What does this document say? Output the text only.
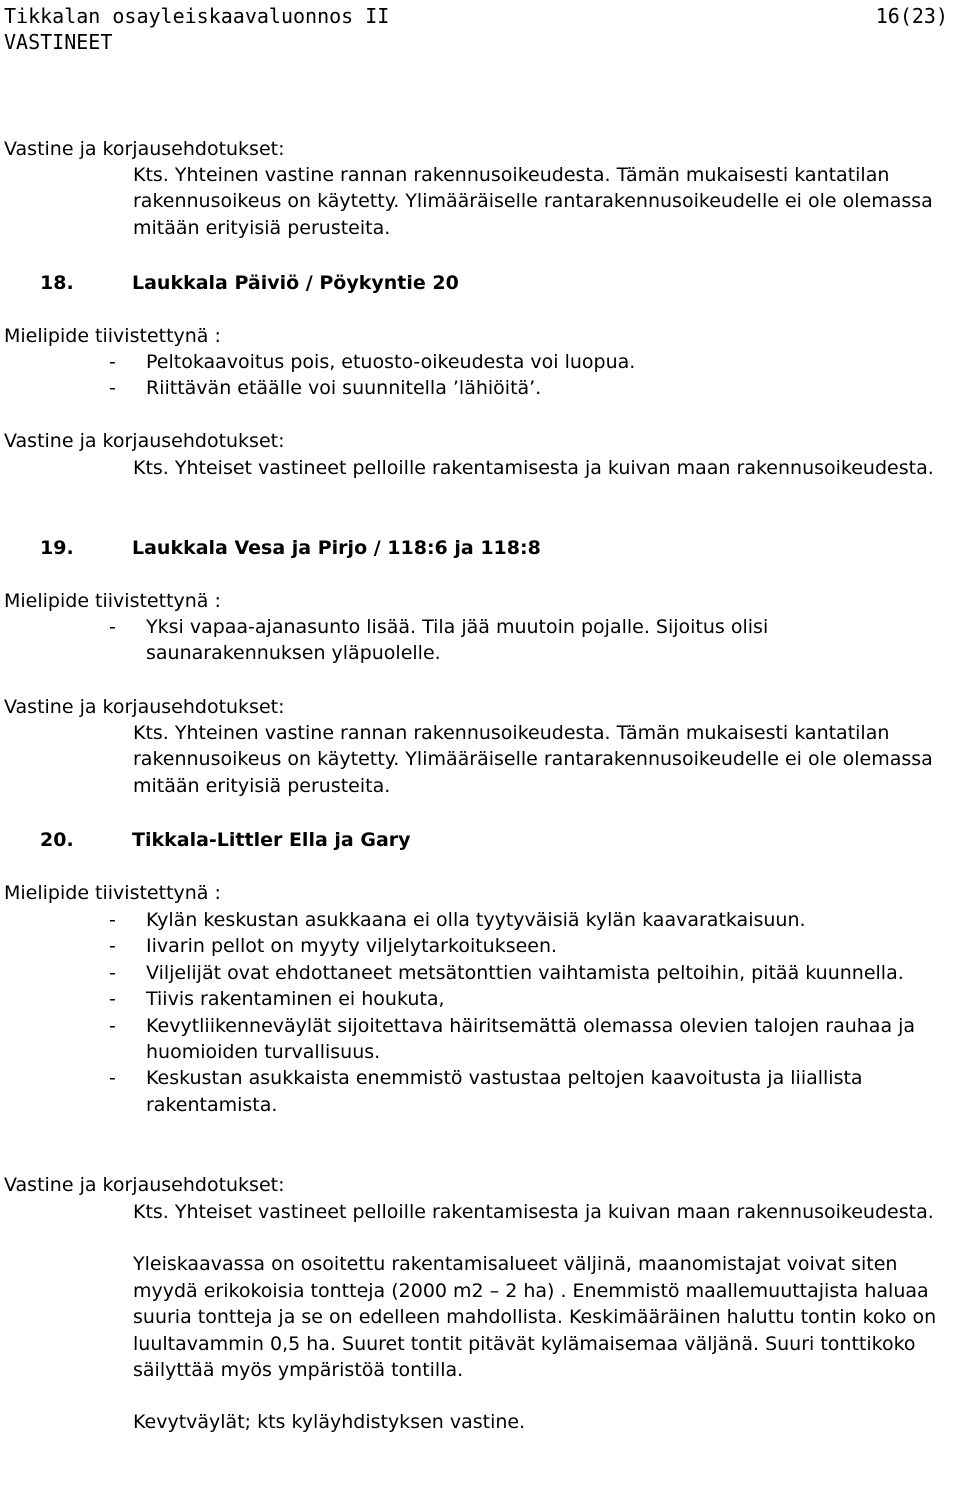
Tikkalan osayleiskaavaluonnos II	16(23)
VASTINEET
Vastine ja korjausehdotukset:

Kts. Yhteinen vastine rannan rakennusoikeudesta. Tämän mukaisesti kantatilan rakennusoikeus on käytetty. Ylimääräiselle rantarakennusoikeudelle ei ole olemassa mitään erityisiä perusteita.

18.	Laukkala Päiviö / Pöykyntie 20
Mielipide tiivistettynä :
- Peltokaavoitus pois, etuosto-oikeudesta voi luopua.
- Riittävän etäälle voi suunnitella ’lähiöitä’.
Vastine ja korjausehdotukset:

Kts. Yhteiset vastineet pelloille rakentamisesta ja kuivan maan rakennusoikeudesta.

19.	Laukkala Vesa ja Pirjo / 118:6 ja 118:8
Mielipide tiivistettynä :
- Yksi vapaa-ajanasunto lisää. Tila jää muutoin pojalle. Sijoitus olisi saunarakennuksen yläpuolelle.
Vastine ja korjausehdotukset:

Kts. Yhteinen vastine rannan rakennusoikeudesta. Tämän mukaisesti kantatilan rakennusoikeus on käytetty. Ylimääräiselle rantarakennusoikeudelle ei ole olemassa mitään erityisiä perusteita.

20.	Tikkala-Littler Ella ja Gary
Mielipide tiivistettynä :
- Kylän keskustan asukkaana ei olla tyytyväisiä kylän kaavaratkaisuun.
- Iivarin pellot on myyty viljelytarkoitukseen.
- Viljelijät ovat ehdottaneet metsätonttien vaihtamista peltoihin, pitää kuunnella.
- Tiivis rakentaminen ei houkuta,
- Kevytliikenneväylät sijoitettava häiritsemättä olemassa olevien talojen rauhaa ja huomioiden turvallisuus.
- Keskustan asukkaista enemmistö vastustaa peltojen kaavoitusta ja liiallista rakentamista.
Vastine ja korjausehdotukset:

Kts. Yhteiset vastineet pelloille rakentamisesta ja kuivan maan rakennusoikeudesta.

Yleiskaavassa on osoitettu rakentamisalueet väljinä, maanomistajat voivat siten myydä erikokoisia tontteja (2000 m2 – 2 ha) . Enemmistö maallemuuttajista haluaa suuria tontteja ja se on edelleen mahdollista. Keskimääräinen haluttu tontin koko on luultavammin 0,5 ha. Suuret tontit pitävät kylämaisemaa väljänä. Suuri tonttikoko säilyttää myös ympäristöä tontilla.

Kevytväylät; kts kyläyhdistyksen vastine.
